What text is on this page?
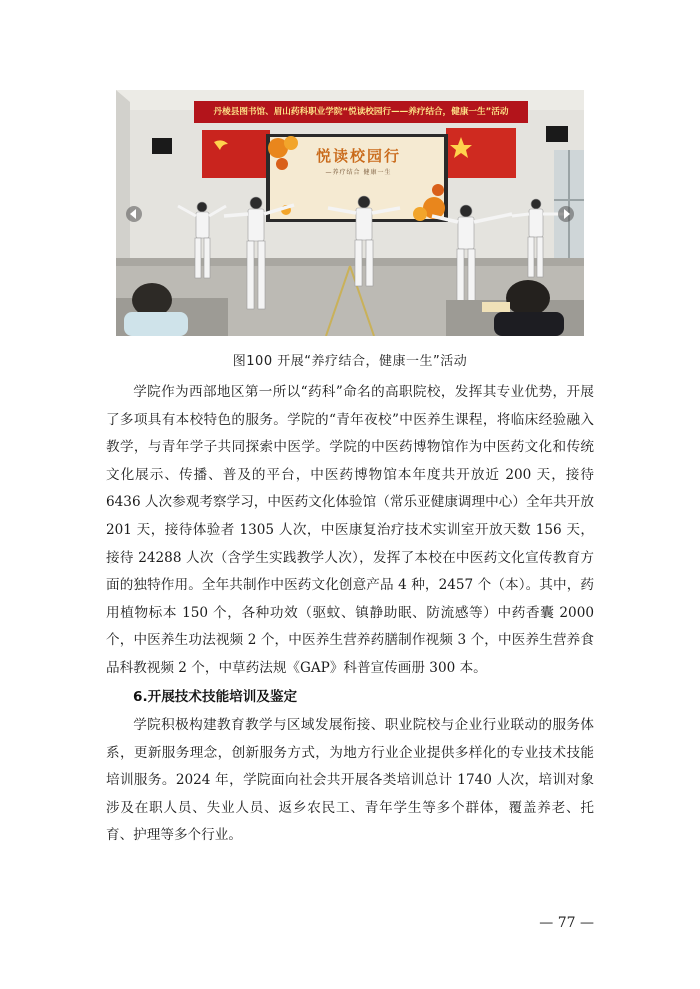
丹棱县图书馆、眉山药科职业学院“悦读校园行——养疗结合，健康一生”活动
悦读校园行
—养疗结合 健康一生
图100 开展“养疗结合，健康一生”活动

学院作为西部地区第一所以“药科”命名的高职院校，发挥其专业优势，开展了多项具有本校特色的服务。学院的“青年夜校”中医养生课程，将临床经验融入教学，与青年学子共同探索中医学。学院的中医药博物馆作为中医药文化和传统文化展示、传播、普及的平台，中医药博物馆本年度共开放近 200 天，接待 6436 人次参观考察学习，中医药文化体验馆（常乐亚健康调理中心）全年共开放 201 天，接待体验者 1305 人次，中医康复治疗技术实训室开放天数 156 天，接待 24288 人次（含学生实践教学人次），发挥了本校在中医药文化宣传教育方面的独特作用。全年共制作中医药文化创意产品 4 种，2457 个（本）。其中，药用植物标本 150 个，各种功效（驱蚊、镇静助眠、防流感等）中药香囊 2000 个，中医养生功法视频 2 个，中医养生营养药膳制作视频 3 个，中医养生营养食品科教视频 2 个，中草药法规《GAP》科普宣传画册 300 本。

6.开展技术技能培训及鉴定

学院积极构建教育教学与区域发展衔接、职业院校与企业行业联动的服务体系，更新服务理念，创新服务方式，为地方行业企业提供多样化的专业技术技能培训服务。2024 年，学院面向社会共开展各类培训总计 1740 人次，培训对象涉及在职人员、失业人员、返乡农民工、青年学生等多个群体，覆盖养老、托育、护理等多个行业。

— 77 —
